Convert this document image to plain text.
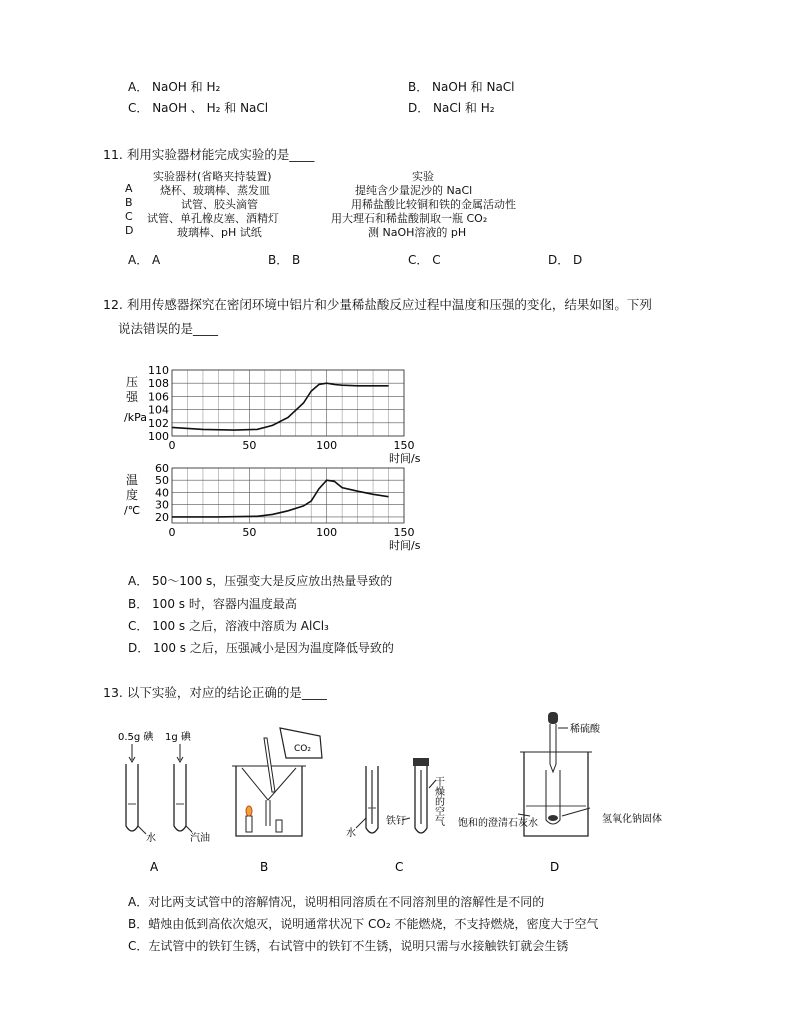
A． NaOH 和 H₂	B． NaOH 和 NaCl
C． NaOH 、 H₂ 和 NaCl	D． NaCl 和 H₂
11. 利用实验器材能完成实验的是____
实验器材(省略夹持装置)	实验
A 烧杯、玻璃棒、蒸发皿	提纯含少量泥沙的 NaCl
B	试管、胶头滴管	用稀盐酸比较铜和铁的金属活动性
C 试管、单孔橡皮塞、酒精灯	用大理石和稀盐酸制取一瓶 CO₂
D	玻璃棒、pH 试纸	测 NaOH溶液的 pH
A． A	B． B	C． C	D． D
12. 利用传感器探究在密闭环境中铝片和少量稀盐酸反应过程中温度和压强的变化，结果如图。下列
说法错误的是____
100
102
104
106
108
110
0	50	100	150
时间/s
压
强
/kPa
20
30
40
50
60
0	50	100	150
时间/s
温
度
/℃
A． 50～100 s，压强变大是反应放出热量导致的
B． 100 s 时，容器内温度最高
C． 100 s 之后，溶液中溶质为 AlCl₃
D． 100 s 之后，压强减小是因为温度降低导致的
13. 以下实验，对应的结论正确的是____
0.5g 碘 1g 碘
水	汽油
A
CO₂
B
水
铁钉	干燥的空气
C
稀硫酸
饱和的澄清石灰水	氢氧化钠固体
D
A．对比两支试管中的溶解情况，说明相同溶质在不同溶剂里的溶解性是不同的
B．蜡烛由低到高依次熄灭，说明通常状况下 CO₂ 不能燃烧，不支持燃烧，密度大于空气
C．左试管中的铁钉生锈，右试管中的铁钉不生锈，说明只需与水接触铁钉就会生锈
